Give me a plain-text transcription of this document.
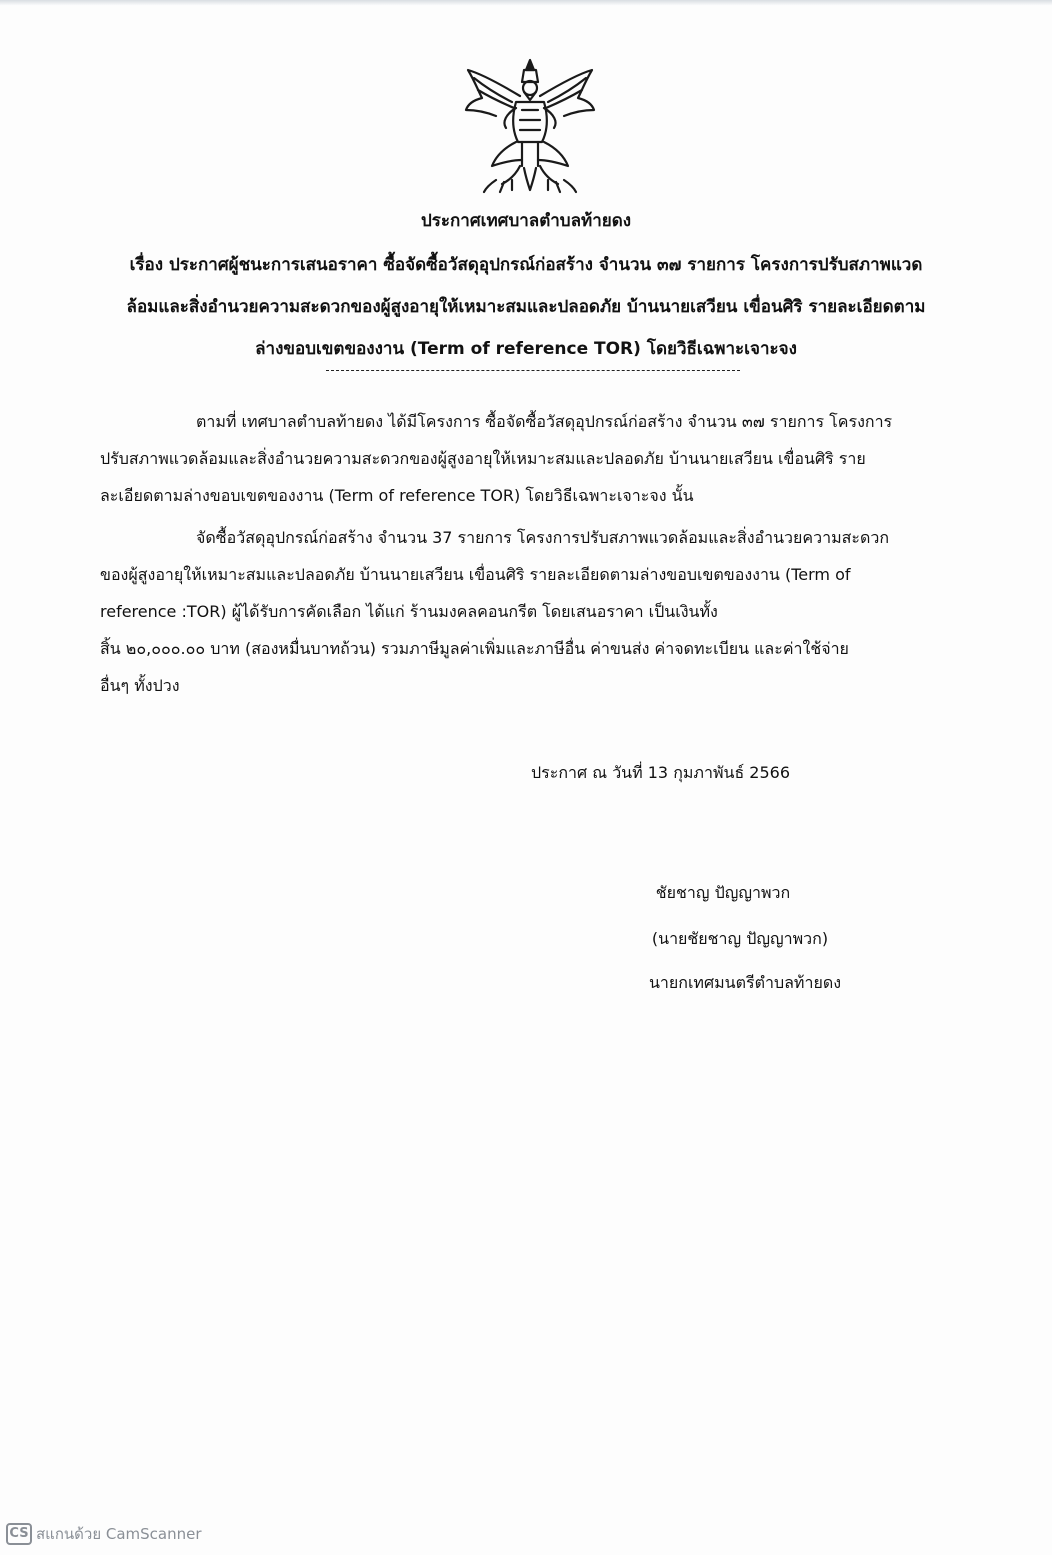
ประกาศเทศบาลตำบลท้ายดง
เรื่อง ประกาศผู้ชนะการเสนอราคา ซื้อจัดซื้อวัสดุอุปกรณ์ก่อสร้าง จำนวน ๓๗ รายการ โครงการปรับสภาพแวด
ล้อมและสิ่งอำนวยความสะดวกของผู้สูงอายุให้เหมาะสมและปลอดภัย บ้านนายเสวียน เขื่อนศิริ รายละเอียดตาม
ล่างขอบเขตของงาน (Term of reference TOR) โดยวิธีเฉพาะเจาะจง
ตามที่ เทศบาลตำบลท้ายดง ได้มีโครงการ ซื้อจัดซื้อวัสดุอุปกรณ์ก่อสร้าง จำนวน ๓๗ รายการ โครงการ
ปรับสภาพแวดล้อมและสิ่งอำนวยความสะดวกของผู้สูงอายุให้เหมาะสมและปลอดภัย บ้านนายเสวียน เขื่อนศิริ ราย
ละเอียดตามล่างขอบเขตของงาน (Term of reference TOR) โดยวิธีเฉพาะเจาะจง นั้น
จัดซื้อวัสดุอุปกรณ์ก่อสร้าง จำนวน 37 รายการ โครงการปรับสภาพแวดล้อมและสิ่งอำนวยความสะดวก
ของผู้สูงอายุให้เหมาะสมและปลอดภัย บ้านนายเสวียน เขื่อนศิริ รายละเอียดตามล่างขอบเขตของงาน (Term of
reference :TOR) ผู้ได้รับการคัดเลือก ได้แก่ ร้านมงคลคอนกรีต โดยเสนอราคา เป็นเงินทั้ง
สิ้น ๒๐,๐๐๐.๐๐ บาท (สองหมื่นบาทถ้วน) รวมภาษีมูลค่าเพิ่มและภาษีอื่น ค่าขนส่ง ค่าจดทะเบียน และค่าใช้จ่าย
อื่นๆ ทั้งปวง
ประกาศ ณ วันที่ 13 กุมภาพันธ์ 2566
ชัยชาญ ปัญญาพวก
(นายชัยชาญ ปัญญาพวก)
นายกเทศมนตรีตำบลท้ายดง
CS สแกนด้วย CamScanner
